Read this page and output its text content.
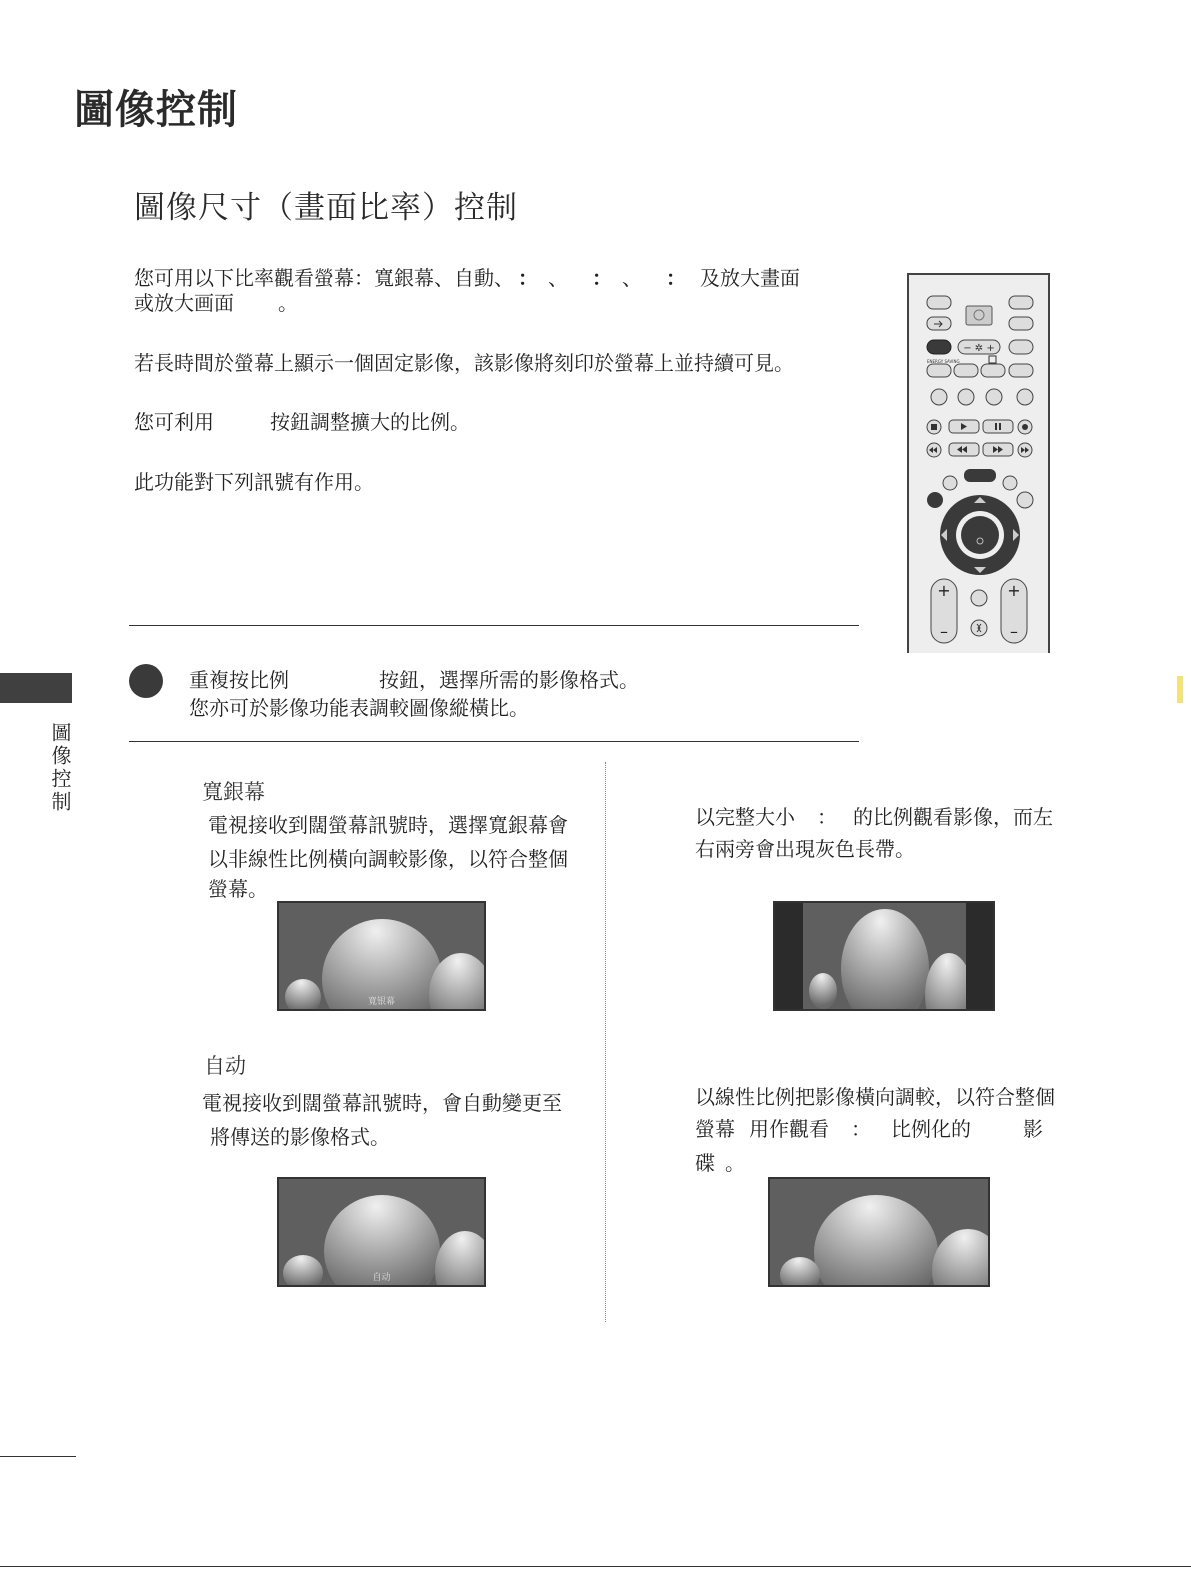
圖像控制
圖像尺寸（畫面比率）控制
您可用以下比率觀看螢幕：寬銀幕、自動、 ： 、 ： 、 ： 及放大畫面
或放大画面 。
若長時間於螢幕上顯示一個固定影像，該影像將刻印於螢幕上並持續可見。
您可利用	按鈕調整擴大的比例。
此功能對下列訊號有作用。
− ✲ +
ENERGY SAVING
+
–
+
–
重複按比例	按鈕，選擇所需的影像格式。
您亦可於影像功能表調較圖像縱橫比。
圖像控制	寬銀幕
電視接收到闊螢幕訊號時，選擇寬銀幕會
以非線性比例橫向調較影像，以符合整個
螢幕。
寬银幕
自动
電視接收到闊螢幕訊號時，會自動變更至
將傳送的影像格式。
自动
以完整大小 ： 的比例觀看影像，而左
右兩旁會出現灰色長帶。
以線性比例把影像橫向調較，以符合整個
螢幕 用作觀看 ： 比例化的	影
碟 。
